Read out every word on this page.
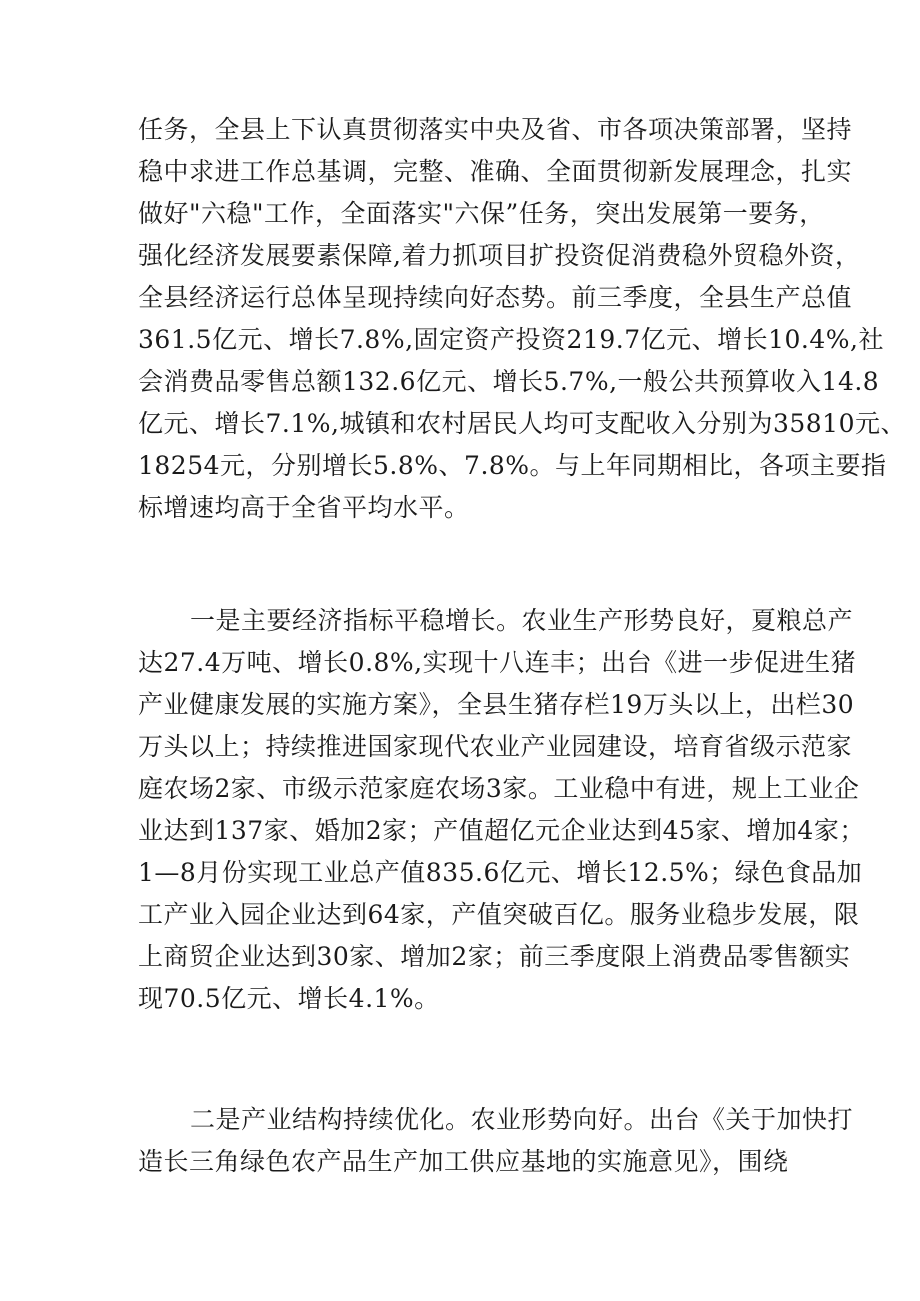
任务，全县上下认真贯彻落实中央及省、市各项决策部署，坚持
稳中求进工作总基调，完整、准确、全面贯彻新发展理念，扎实
做好"六稳"工作，全面落实"六保”任务，突出发展第一要务，
强化经济发展要素保障,着力抓项目扩投资促消费稳外贸稳外资，
全县经济运行总体呈现持续向好态势。前三季度，全县生产总值
361.5亿元、增长7.8%,固定资产投资219.7亿元、增长10.4%,社
会消费品零售总额132.6亿元、增长5.7%,一般公共预算收入14.8
亿元、增长7.1%,城镇和农村居民人均可支配收入分别为35810元、
18254元，分别增长5.8%、7.8%。与上年同期相比，各项主要指
标增速均高于全省平均水平。
一是主要经济指标平稳增长。农业生产形势良好，夏粮总产
达27.4万吨、增长0.8%,实现十八连丰；出台《进一步促进生猪
产业健康发展的实施方案》，全县生猪存栏19万头以上，出栏30
万头以上；持续推进国家现代农业产业园建设，培育省级示范家
庭农场2家、市级示范家庭农场3家。工业稳中有进，规上工业企
业达到137家、婚加2家；产值超亿元企业达到45家、增加4家；
1—8月份实现工业总产值835.6亿元、增长12.5%；绿色食品加
工产业入园企业达到64家，产值突破百亿。服务业稳步发展，限
上商贸企业达到30家、增加2家；前三季度限上消费品零售额实
现70.5亿元、增长4.1%。
二是产业结构持续优化。农业形势向好。出台《关于加快打
造长三角绿色农产品生产加工供应基地的实施意见》，围绕
